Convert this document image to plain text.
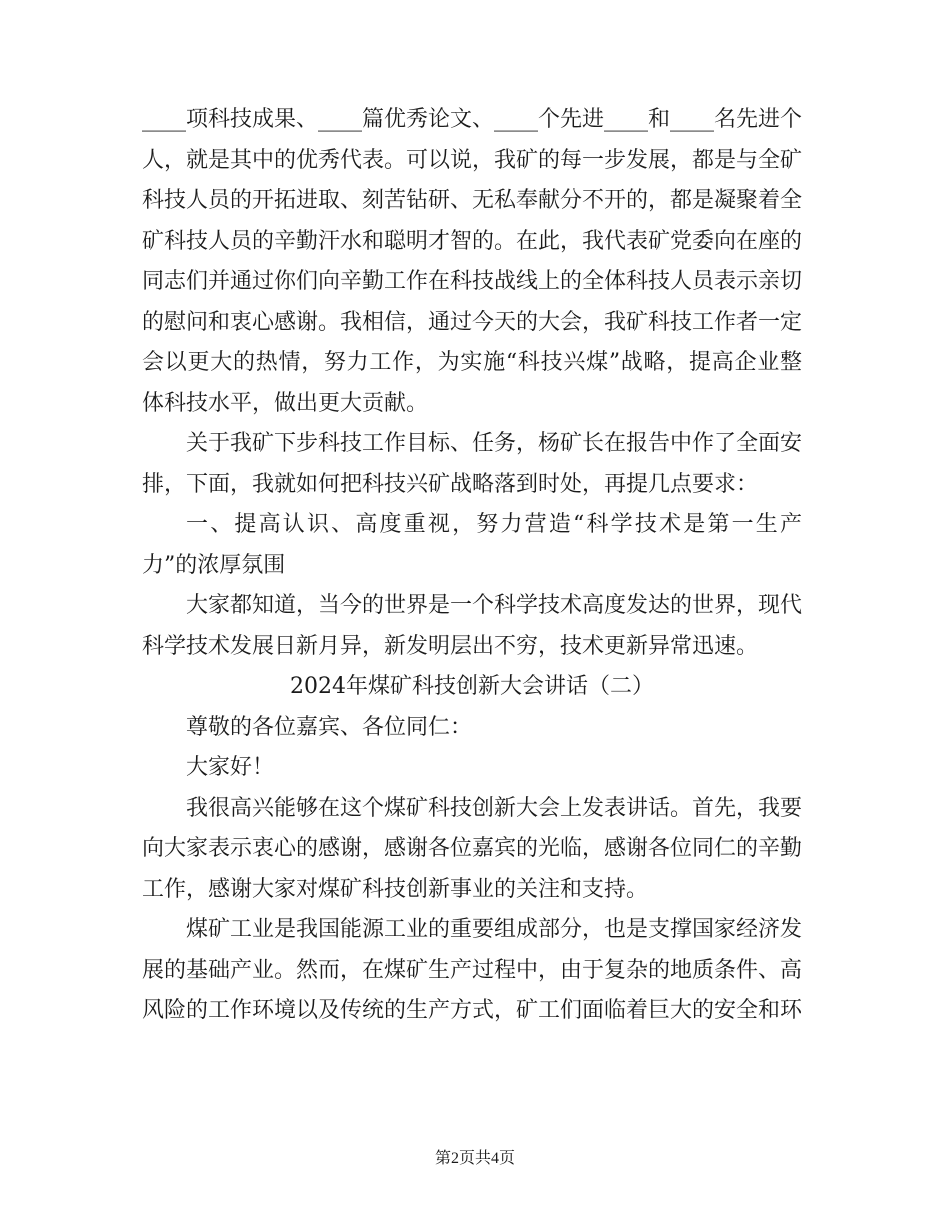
____项科技成果、____篇优秀论文、____个先进____和____名先进个人，就是其中的优秀代表。可以说，我矿的每一步发展，都是与全矿科技人员的开拓进取、刻苦钻研、无私奉献分不开的，都是凝聚着全矿科技人员的辛勤汗水和聪明才智的。在此，我代表矿党委向在座的同志们并通过你们向辛勤工作在科技战线上的全体科技人员表示亲切的慰问和衷心感谢。我相信，通过今天的大会，我矿科技工作者一定会以更大的热情，努力工作，为实施“科技兴煤”战略，提高企业整体科技水平，做出更大贡献。

关于我矿下步科技工作目标、任务，杨矿长在报告中作了全面安排，下面，我就如何把科技兴矿战略落到时处，再提几点要求：

一、提高认识、高度重视，努力营造“科学技术是第一生产力”的浓厚氛围

大家都知道，当今的世界是一个科学技术高度发达的世界，现代科学技术发展日新月异，新发明层出不穷，技术更新异常迅速。

2024年煤矿科技创新大会讲话（二）

尊敬的各位嘉宾、各位同仁：

大家好！

我很高兴能够在这个煤矿科技创新大会上发表讲话。首先，我要向大家表示衷心的感谢，感谢各位嘉宾的光临，感谢各位同仁的辛勤工作，感谢大家对煤矿科技创新事业的关注和支持。

煤矿工业是我国能源工业的重要组成部分，也是支撑国家经济发展的基础产业。然而，在煤矿生产过程中，由于复杂的地质条件、高风险的工作环境以及传统的生产方式，矿工们面临着巨大的安全和环

第2页共4页
